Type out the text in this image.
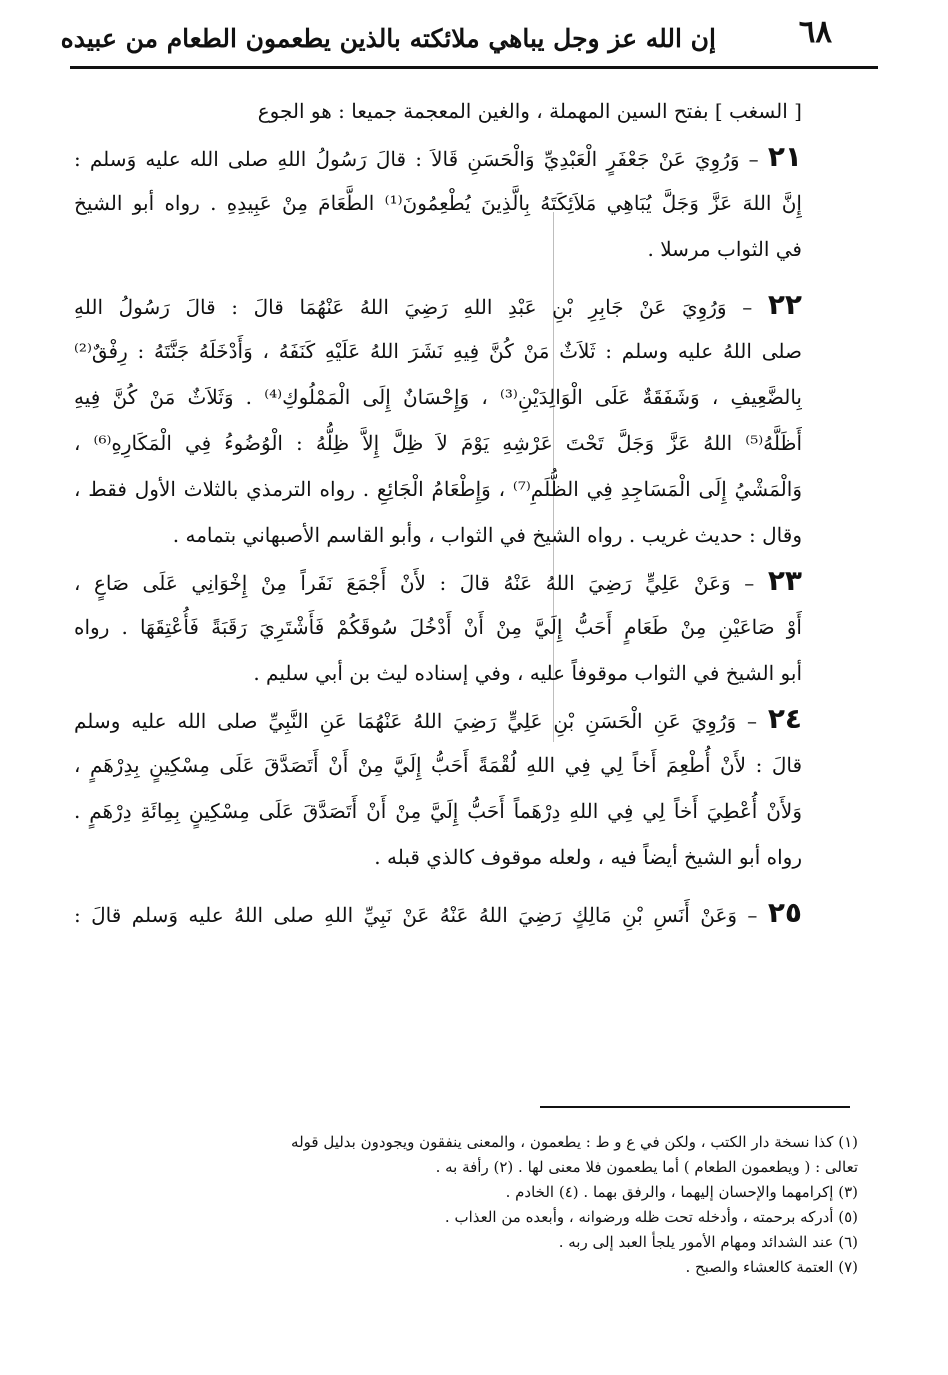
٦٨
إن الله عز وجل يباهي ملائكته بالذين يطعمون الطعام من عبيده
[ السغب ] بفتح السين المهملة ، والغين المعجمة جميعا : هو الجوع
٢١ – وَرُوِيَ عَنْ جَعْفَرٍ الْعَبْدِيِّ وَالْحَسَنِ قَالاَ : قالَ رَسُولُ اللهِ صلى الله عليه وَسلم :
إِنَّ اللهَ عَزَّ وَجَلَّ يُبَاهِي مَلاَئِكَتَهُ بِالَّذِينَ يُطْعِمُونَ⁽¹⁾ الطَّعَامَ مِنْ عَبِيدِهِ . رواه أبو الشيخ
في الثواب مرسلا .
٢٢ – وَرُوِيَ عَنْ جَابِرِ بْنِ عَبْدِ اللهِ رَضِيَ اللهُ عَنْهُمَا قالَ : قالَ رَسُولُ اللهِ
صلى اللهُ عليه وسلم : ثَلاَثٌ مَنْ كُنَّ فِيهِ نَشَرَ اللهُ عَلَيْهِ كَنَفَهُ ، وَأَدْخَلَهُ جَنَّتَهُ : رِفْقٌ⁽²⁾
بِالضَّعِيفِ ، وَشَفَقَةٌ عَلَى الْوَالِدَيْنِ⁽³⁾ ، وَإِحْسَانٌ إِلَى الْمَمْلُوكِ⁽⁴⁾ . وَثَلاَثٌ مَنْ كُنَّ فِيهِ
أَظَلَّهُ⁽⁵⁾ اللهُ عَزَّ وَجَلَّ تَحْتَ عَرْشِهِ يَوْمَ لاَ ظِلَّ إِلاَّ ظِلُّهُ : الْوُضُوءُ فِي الْمَكَارِهِ⁽⁶⁾ ،
وَالْمَشْيُ إِلَى الْمَسَاجِدِ فِي الظُّلَمِ⁽⁷⁾ ، وَإِطْعَامُ الْجَائِعِ . رواه الترمذي بالثلاث الأول فقط ،
وقال : حديث غريب . رواه الشيخ في الثواب ، وأبو القاسم الأصبهاني بتمامه .
٢٣ – وَعَنْ عَلِيٍّ رَضِيَ اللهُ عَنْهُ قالَ : لأَنْ أَجْمَعَ نَفَراً مِنْ إِخْوَانِي عَلَى صَاعٍ ،
أَوْ صَاعَيْنِ مِنْ طَعَامٍ أَحَبُّ إِلَيَّ مِنْ أَنْ أَدْخُلَ سُوقَكُمْ فَأَشْتَرِيَ رَقَبَةً فَأُعْتِقَهَا . رواه
أبو الشيخ في الثواب موقوفاً عليه ، وفي إسناده ليث بن أبي سليم .
٢٤ – وَرُوِيَ عَنِ الْحَسَنِ بْنِ عَلِيٍّ رَضِيَ اللهُ عَنْهُمَا عَنِ النَّبِيِّ صلى الله عليه وسلم
قالَ : لأَنْ أُطْعِمَ أَخاً لِي فِي اللهِ لُقْمَةً أَحَبُّ إِلَيَّ مِنْ أَنْ أَتَصَدَّقَ عَلَى مِسْكِينٍ بِدِرْهَمٍ ،
وَلأَنْ أُعْطِيَ أَخاً لِي فِي اللهِ دِرْهَماً أَحَبُّ إِلَيَّ مِنْ أَنْ أَتَصَدَّقَ عَلَى مِسْكِينٍ بِمِائَةِ دِرْهَمٍ .
رواه أبو الشيخ أيضاً فيه ، ولعله موقوف كالذي قبله .
٢٥ – وَعَنْ أَنَسِ بْنِ مَالِكٍ رَضِيَ اللهُ عَنْهُ عَنْ نَبِيِّ اللهِ صلى اللهُ عليه وَسلم قالَ :
(١) كذا نسخة دار الكتب ، ولكن في ع و ط : يطعمون ، والمعنى ينفقون ويجودون بدليل قوله
تعالى : ( ويطعمون الطعام ) أما يطعمون فلا معنى لها . (٢) رأفة به .
(٣) إكرامهما والإحسان إليهما ، والرفق بهما . (٤) الخادم .
(٥) أدركه برحمته ، وأدخله تحت ظله ورضوانه ، وأبعده من العذاب .
(٦) عند الشدائد ومهام الأمور يلجأ العبد إلى ربه .
(٧) العتمة كالعشاء والصبح .
